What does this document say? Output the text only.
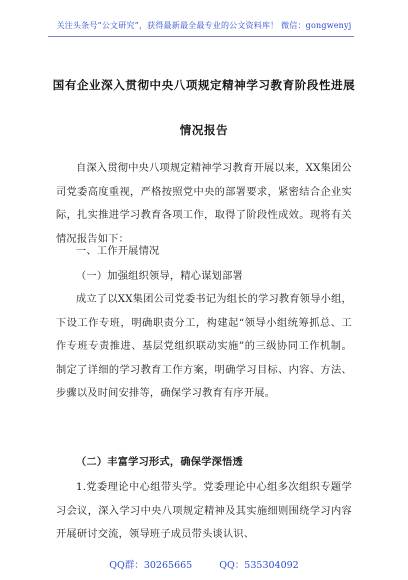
关注头条号“公文研究”，获得最新最全最专业的公文资料库！ 微信：gongwenyj
国有企业深入贯彻中央八项规定精神学习教育阶段性进展
情况报告

自深入贯彻中央八项规定精神学习教育开展以来，XX集团公司党委高度重视，严格按照党中央的部署要求，紧密结合企业实际，扎实推进学习教育各项工作，取得了阶段性成效。现将有关情况报告如下：

一、工作开展情况

（一）加强组织领导，精心谋划部署

成立了以XX集团公司党委书记为组长的学习教育领导小组，下设工作专班，明确职责分工，构建起“领导小组统筹抓总、工作专班专责推进、基层党组织联动实施”的三级协同工作机制。制定了详细的学习教育工作方案，明确学习目标、内容、方法、步骤以及时间安排等，确保学习教育有序开展。

（二）丰富学习形式，确保学深悟透

1.党委理论中心组带头学。党委理论中心组多次组织专题学习会议，深入学习中央八项规定精神及其实施细则围绕学习内容开展研讨交流，领导班子成员带头谈认识、

QQ群：30265665	QQ：535304092
